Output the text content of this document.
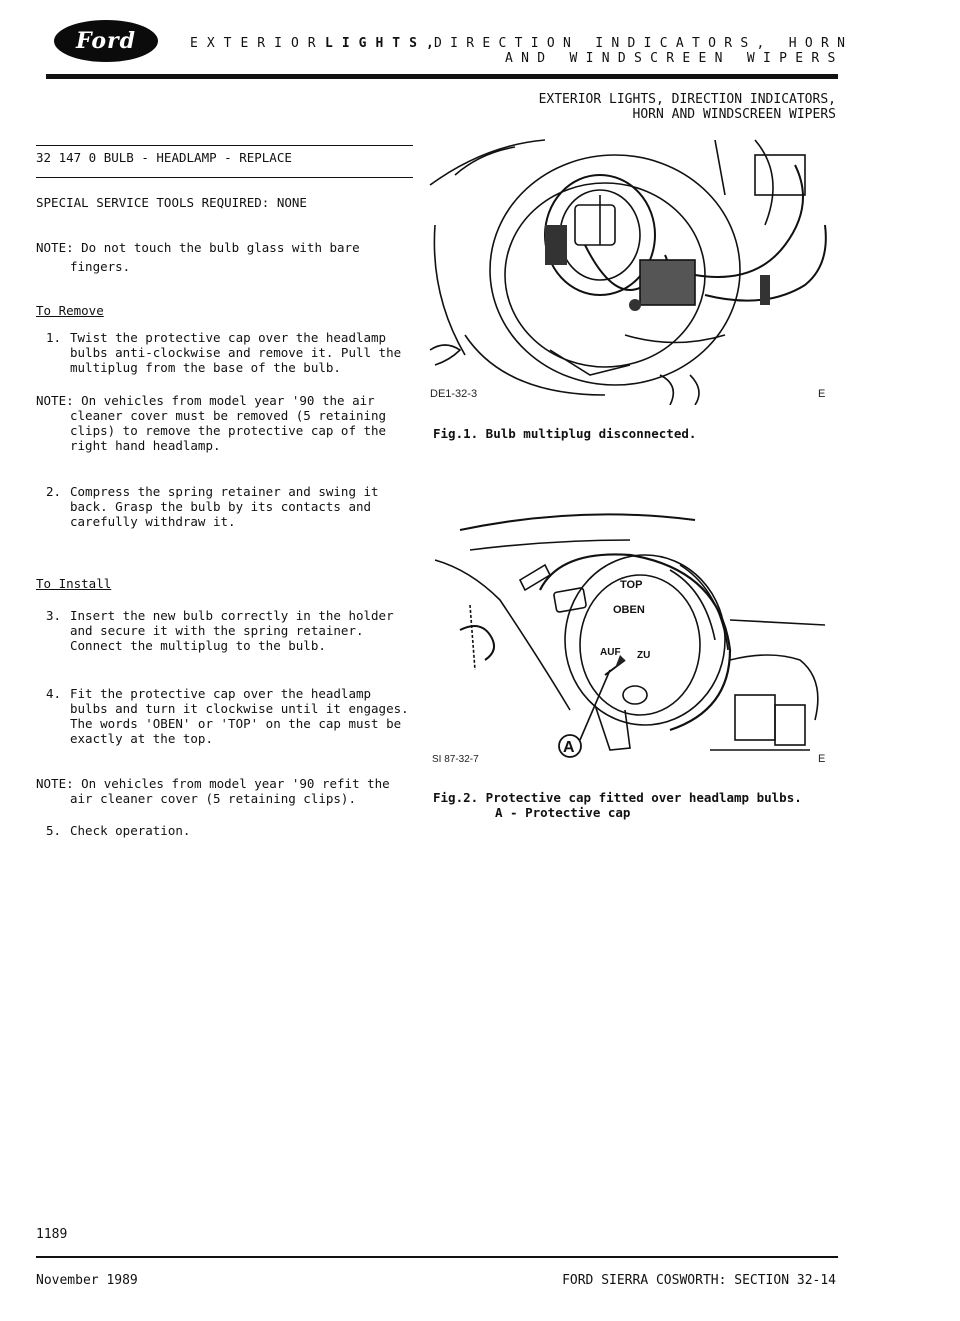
Ford	EXTERIOR LIGHTS,
DIRECTION INDICATORS, HORN
AND WINDSCREEN WIPERS
EXTERIOR LIGHTS, DIRECTION INDICATORS,
HORN AND WINDSCREEN WIPERS
32 147 0 BULB - HEADLAMP - REPLACE
SPECIAL SERVICE TOOLS REQUIRED: NONE

NOTE: Do not touch the bulb glass with bare

fingers.

To Remove
1. Twist the protective cap over the headlamp

bulbs anti-clockwise and remove it. Pull the

multiplug from the base of the bulb.

NOTE: On vehicles from model year '90 the air

cleaner cover must be removed (5 retaining

clips) to remove the protective cap of the

right hand headlamp.

2. Compress the spring retainer and swing it

back. Grasp the bulb by its contacts and

carefully withdraw it.

To Install
3. Insert the new bulb correctly in the holder

and secure it with the spring retainer.

Connect the multiplug to the bulb.

4. Fit the protective cap over the headlamp

bulbs and turn it clockwise until it engages.

The words 'OBEN' or 'TOP' on the cap must be

exactly at the top.

NOTE: On vehicles from model year '90 refit the

air cleaner cover (5 retaining clips).

5. Check operation.

DE1-32-3	E
Fig.1. Bulb multiplug disconnected.
TOP
OBEN
AUF ZU
A
SI 87-32-7	E
Fig.2. Protective cap fitted over headlamp bulbs.
A - Protective cap
1189
November 1989	FORD SIERRA COSWORTH: SECTION 32-14
